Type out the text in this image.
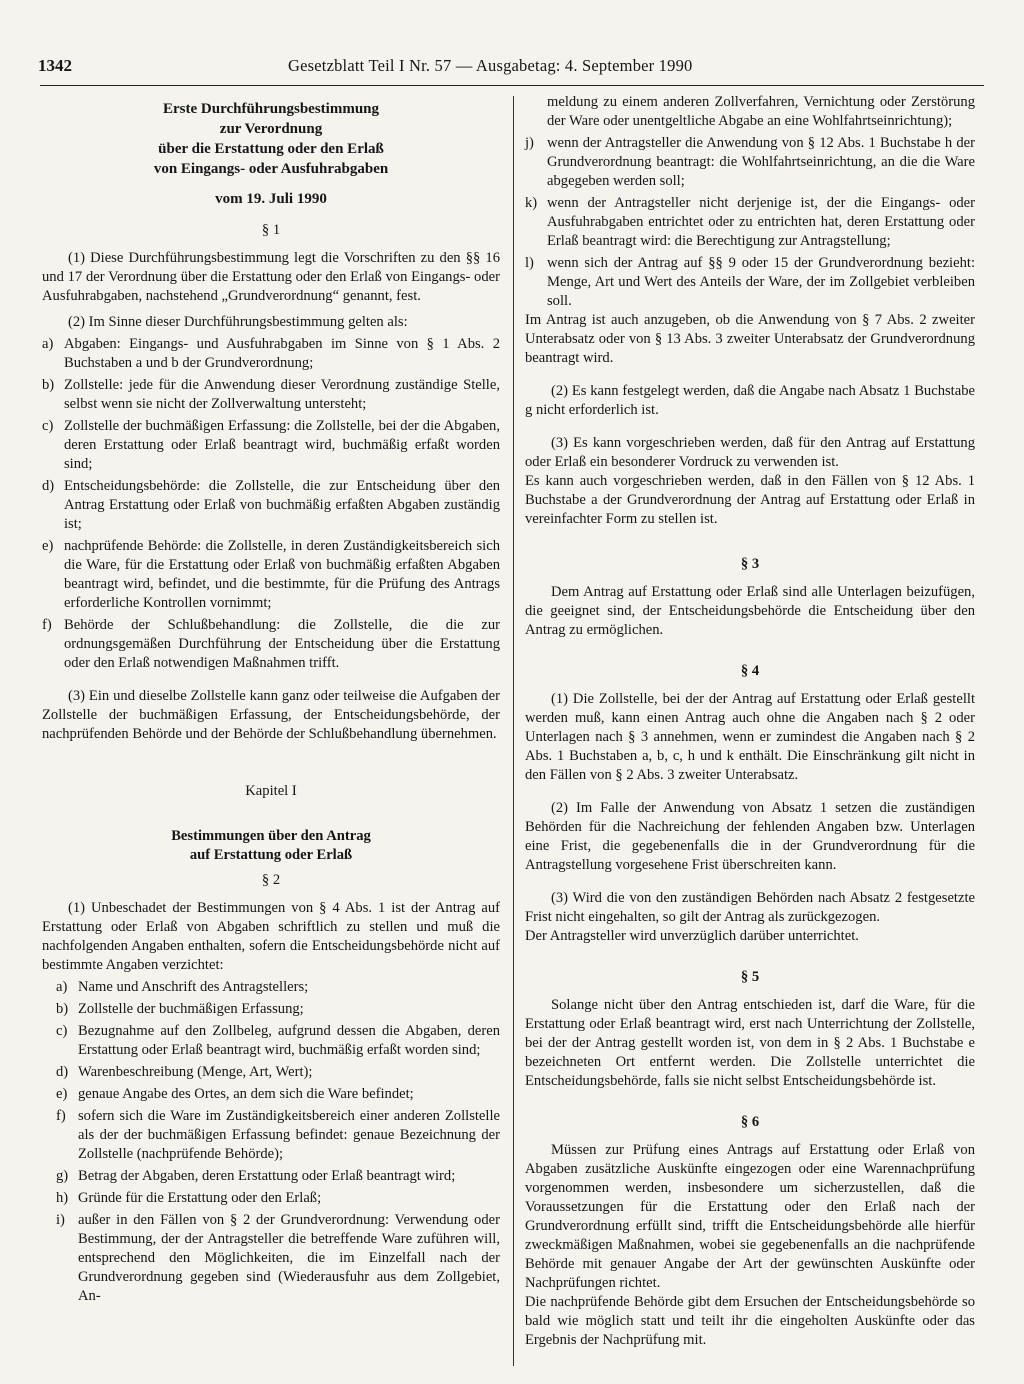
1342	Gesetzblatt Teil I Nr. 57 — Ausgabetag: 4. September 1990
Erste Durchführungsbestimmung
zur Verordnung
über die Erstattung oder den Erlaß
von Eingangs- oder Ausfuhrabgaben
vom 19. Juli 1990
§ 1

(1) Diese Durchführungsbestimmung legt die Vorschriften zu den §§ 16 und 17 der Verordnung über die Erstattung oder den Erlaß von Eingangs- oder Ausfuhrabgaben, nachstehend „Grundverordnung“ genannt, fest.

(2) Im Sinne dieser Durchführungsbestimmung gelten als:

a) Abgaben: Eingangs- und Ausfuhrabgaben im Sinne von § 1 Abs. 2 Buchstaben a und b der Grundverordnung;
b) Zollstelle: jede für die Anwendung dieser Verordnung zuständige Stelle, selbst wenn sie nicht der Zollverwaltung untersteht;
c) Zollstelle der buchmäßigen Erfassung: die Zollstelle, bei der die Abgaben, deren Erstattung oder Erlaß beantragt wird, buchmäßig erfaßt worden sind;
d) Entscheidungsbehörde: die Zollstelle, die zur Entscheidung über den Antrag Erstattung oder Erlaß von buchmäßig erfaßten Abgaben zuständig ist;
e) nachprüfende Behörde: die Zollstelle, in deren Zuständigkeitsbereich sich die Ware, für die Erstattung oder Erlaß von buchmäßig erfaßten Abgaben beantragt wird, befindet, und die bestimmte, für die Prüfung des Antrags erforderliche Kontrollen vornimmt;
f) Behörde der Schlußbehandlung: die Zollstelle, die die zur ordnungsgemäßen Durchführung der Entscheidung über die Erstattung oder den Erlaß notwendigen Maßnahmen trifft.

(3) Ein und dieselbe Zollstelle kann ganz oder teilweise die Aufgaben der Zollstelle der buchmäßigen Erfassung, der Entscheidungsbehörde, der nachprüfenden Behörde und der Behörde der Schlußbehandlung übernehmen.

Kapitel I
Bestimmungen über den Antrag
auf Erstattung oder Erlaß
§ 2

(1) Unbeschadet der Bestimmungen von § 4 Abs. 1 ist der Antrag auf Erstattung oder Erlaß von Abgaben schriftlich zu stellen und muß die nachfolgenden Angaben enthalten, sofern die Entscheidungsbehörde nicht auf bestimmte Angaben verzichtet:

a) Name und Anschrift des Antragstellers;
b) Zollstelle der buchmäßigen Erfassung;
c) Bezugnahme auf den Zollbeleg, aufgrund dessen die Abgaben, deren Erstattung oder Erlaß beantragt wird, buchmäßig erfaßt worden sind;
d) Warenbeschreibung (Menge, Art, Wert);
e) genaue Angabe des Ortes, an dem sich die Ware befindet;
f) sofern sich die Ware im Zuständigkeitsbereich einer anderen Zollstelle als der der buchmäßigen Erfassung befindet: genaue Bezeichnung der Zollstelle (nachprüfende Behörde);
g) Betrag der Abgaben, deren Erstattung oder Erlaß beantragt wird;
h) Gründe für die Erstattung oder den Erlaß;
i) außer in den Fällen von § 2 der Grundverordnung: Verwendung oder Bestimmung, der der Antragsteller die betreffende Ware zuführen will, entsprechend den Möglichkeiten, die im Einzelfall nach der Grundverordnung gegeben sind (Wiederausfuhr aus dem Zollgebiet, An-

meldung zu einem anderen Zollverfahren, Vernichtung oder Zerstörung der Ware oder unentgeltliche Abgabe an eine Wohlfahrtseinrichtung);

j) wenn der Antragsteller die Anwendung von § 12 Abs. 1 Buchstabe h der Grundverordnung beantragt: die Wohlfahrtseinrichtung, an die die Ware abgegeben werden soll;
k) wenn der Antragsteller nicht derjenige ist, der die Eingangs- oder Ausfuhrabgaben entrichtet oder zu entrichten hat, deren Erstattung oder Erlaß beantragt wird: die Berechtigung zur Antragstellung;
l) wenn sich der Antrag auf §§ 9 oder 15 der Grundverordnung bezieht: Menge, Art und Wert des Anteils der Ware, der im Zollgebiet verbleiben soll.

Im Antrag ist auch anzugeben, ob die Anwendung von § 7 Abs. 2 zweiter Unterabsatz oder von § 13 Abs. 3 zweiter Unterabsatz der Grundverordnung beantragt wird.

(2) Es kann festgelegt werden, daß die Angabe nach Absatz 1 Buchstabe g nicht erforderlich ist.

(3) Es kann vorgeschrieben werden, daß für den Antrag auf Erstattung oder Erlaß ein besonderer Vordruck zu verwenden ist.

Es kann auch vorgeschrieben werden, daß in den Fällen von § 12 Abs. 1 Buchstabe a der Grundverordnung der Antrag auf Erstattung oder Erlaß in vereinfachter Form zu stellen ist.

§ 3

Dem Antrag auf Erstattung oder Erlaß sind alle Unterlagen beizufügen, die geeignet sind, der Entscheidungsbehörde die Entscheidung über den Antrag zu ermöglichen.

§ 4

(1) Die Zollstelle, bei der der Antrag auf Erstattung oder Erlaß gestellt werden muß, kann einen Antrag auch ohne die Angaben nach § 2 oder Unterlagen nach § 3 annehmen, wenn er zumindest die Angaben nach § 2 Abs. 1 Buchstaben a, b, c, h und k enthält. Die Einschränkung gilt nicht in den Fällen von § 2 Abs. 3 zweiter Unterabsatz.

(2) Im Falle der Anwendung von Absatz 1 setzen die zuständigen Behörden für die Nachreichung der fehlenden Angaben bzw. Unterlagen eine Frist, die gegebenenfalls die in der Grundverordnung für die Antragstellung vorgesehene Frist überschreiten kann.

(3) Wird die von den zuständigen Behörden nach Absatz 2 festgesetzte Frist nicht eingehalten, so gilt der Antrag als zurückgezogen.

Der Antragsteller wird unverzüglich darüber unterrichtet.

§ 5

Solange nicht über den Antrag entschieden ist, darf die Ware, für die Erstattung oder Erlaß beantragt wird, erst nach Unterrichtung der Zollstelle, bei der der Antrag gestellt worden ist, von dem in § 2 Abs. 1 Buchstabe e bezeichneten Ort entfernt werden. Die Zollstelle unterrichtet die Entscheidungsbehörde, falls sie nicht selbst Entscheidungsbehörde ist.

§ 6

Müssen zur Prüfung eines Antrags auf Erstattung oder Erlaß von Abgaben zusätzliche Auskünfte eingezogen oder eine Warennachprüfung vorgenommen werden, insbesondere um sicherzustellen, daß die Voraussetzungen für die Erstattung oder den Erlaß nach der Grundverordnung erfüllt sind, trifft die Entscheidungsbehörde alle hierfür zweckmäßigen Maßnahmen, wobei sie gegebenenfalls an die nachprüfende Behörde mit genauer Angabe der Art der gewünschten Auskünfte oder Nachprüfungen richtet.

Die nachprüfende Behörde gibt dem Ersuchen der Entscheidungsbehörde so bald wie möglich statt und teilt ihr die eingeholten Auskünfte oder das Ergebnis der Nachprüfung mit.
